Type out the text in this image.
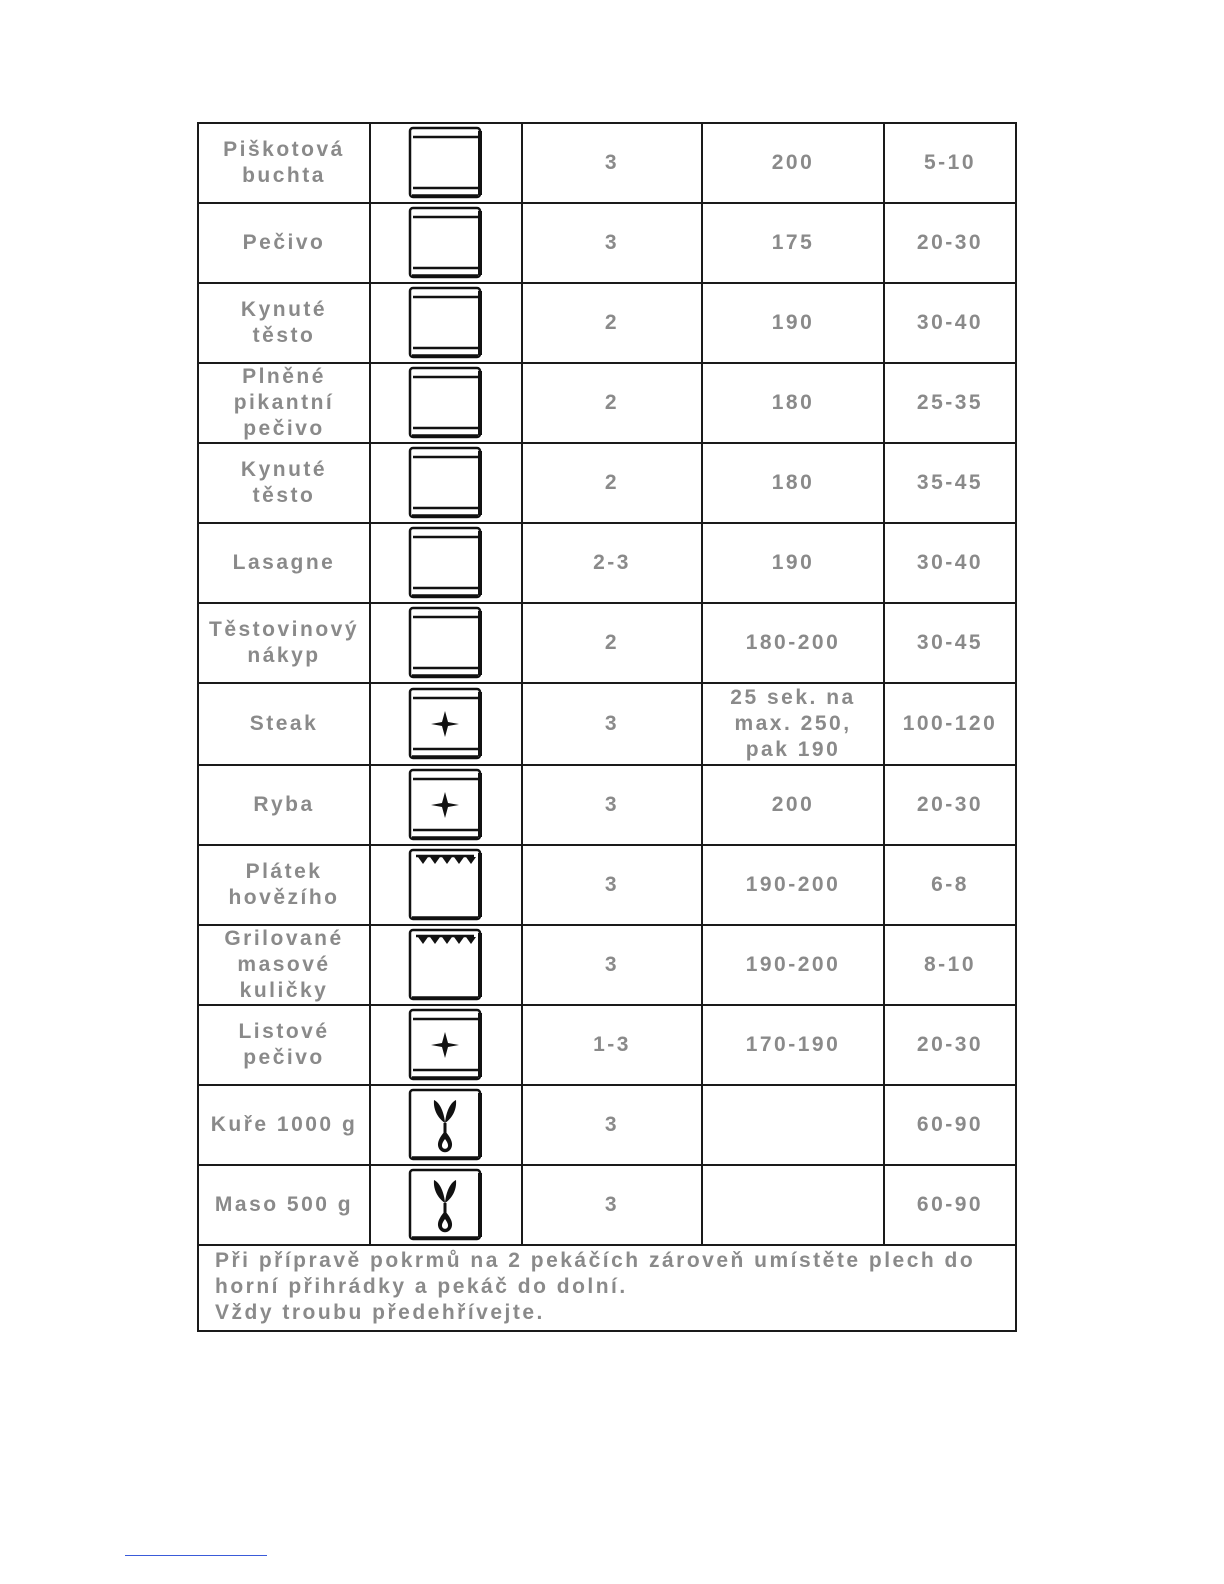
Piškotová buchta		3	200	5-10
Pečivo		3	175	20-30
Kynuté těsto		2	190	30-40
Plněné pikantní pečivo		2	180	25-35
Kynuté těsto		2	180	35-45
Lasagne		2-3	190	30-40
Těstovinový nákyp		2	180-200	30-45
Steak		3	25 sek. na max. 250, pak 190	100-120
Ryba		3	200	20-30
Plátek hovězího		3	190-200	6-8
Grilované masové kuličky		3	190-200	8-10
Listové pečivo		1-3	170-190	20-30
Kuře 1000 g		3		60-90
Maso 500 g		3		60-90

Při přípravě pokrmů na 2 pekáčích zároveň umístěte plech do
horní přihrádky a pekáč do dolní.
Vždy troubu předehřívejte.				
